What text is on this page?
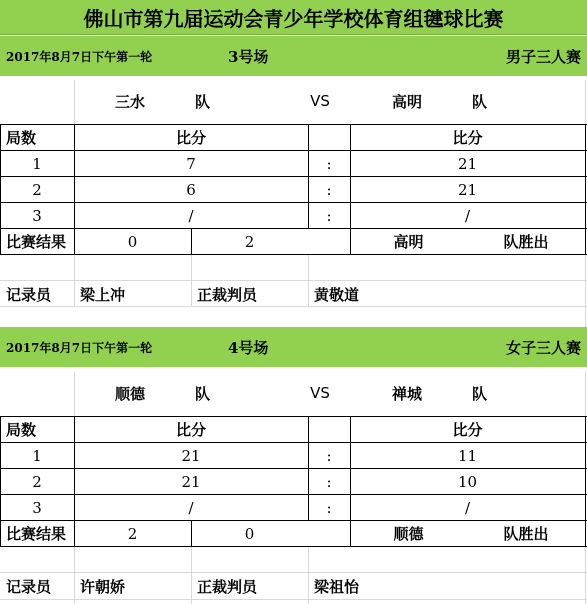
佛山市第九届运动会青少年学校体育组毽球比赛
2017年8月7日下午第一轮	3号场	男子三人赛
三水	队	VS	高明	队
局数	比分	比分
1	7	:	21
2	6	:	21
3	/	:	/
比赛结果	0	2	高明	队胜出
记录员	梁上冲	正裁判员	黄敬道
2017年8月7日下午第一轮	4号场	女子三人赛
顺德	队	VS	禅城	队
局数	比分	比分
1	21	:	11
2	21	:	10
3	/	:	/
比赛结果	2	0	顺德	队胜出
记录员	许朝娇	正裁判员	梁祖怡
